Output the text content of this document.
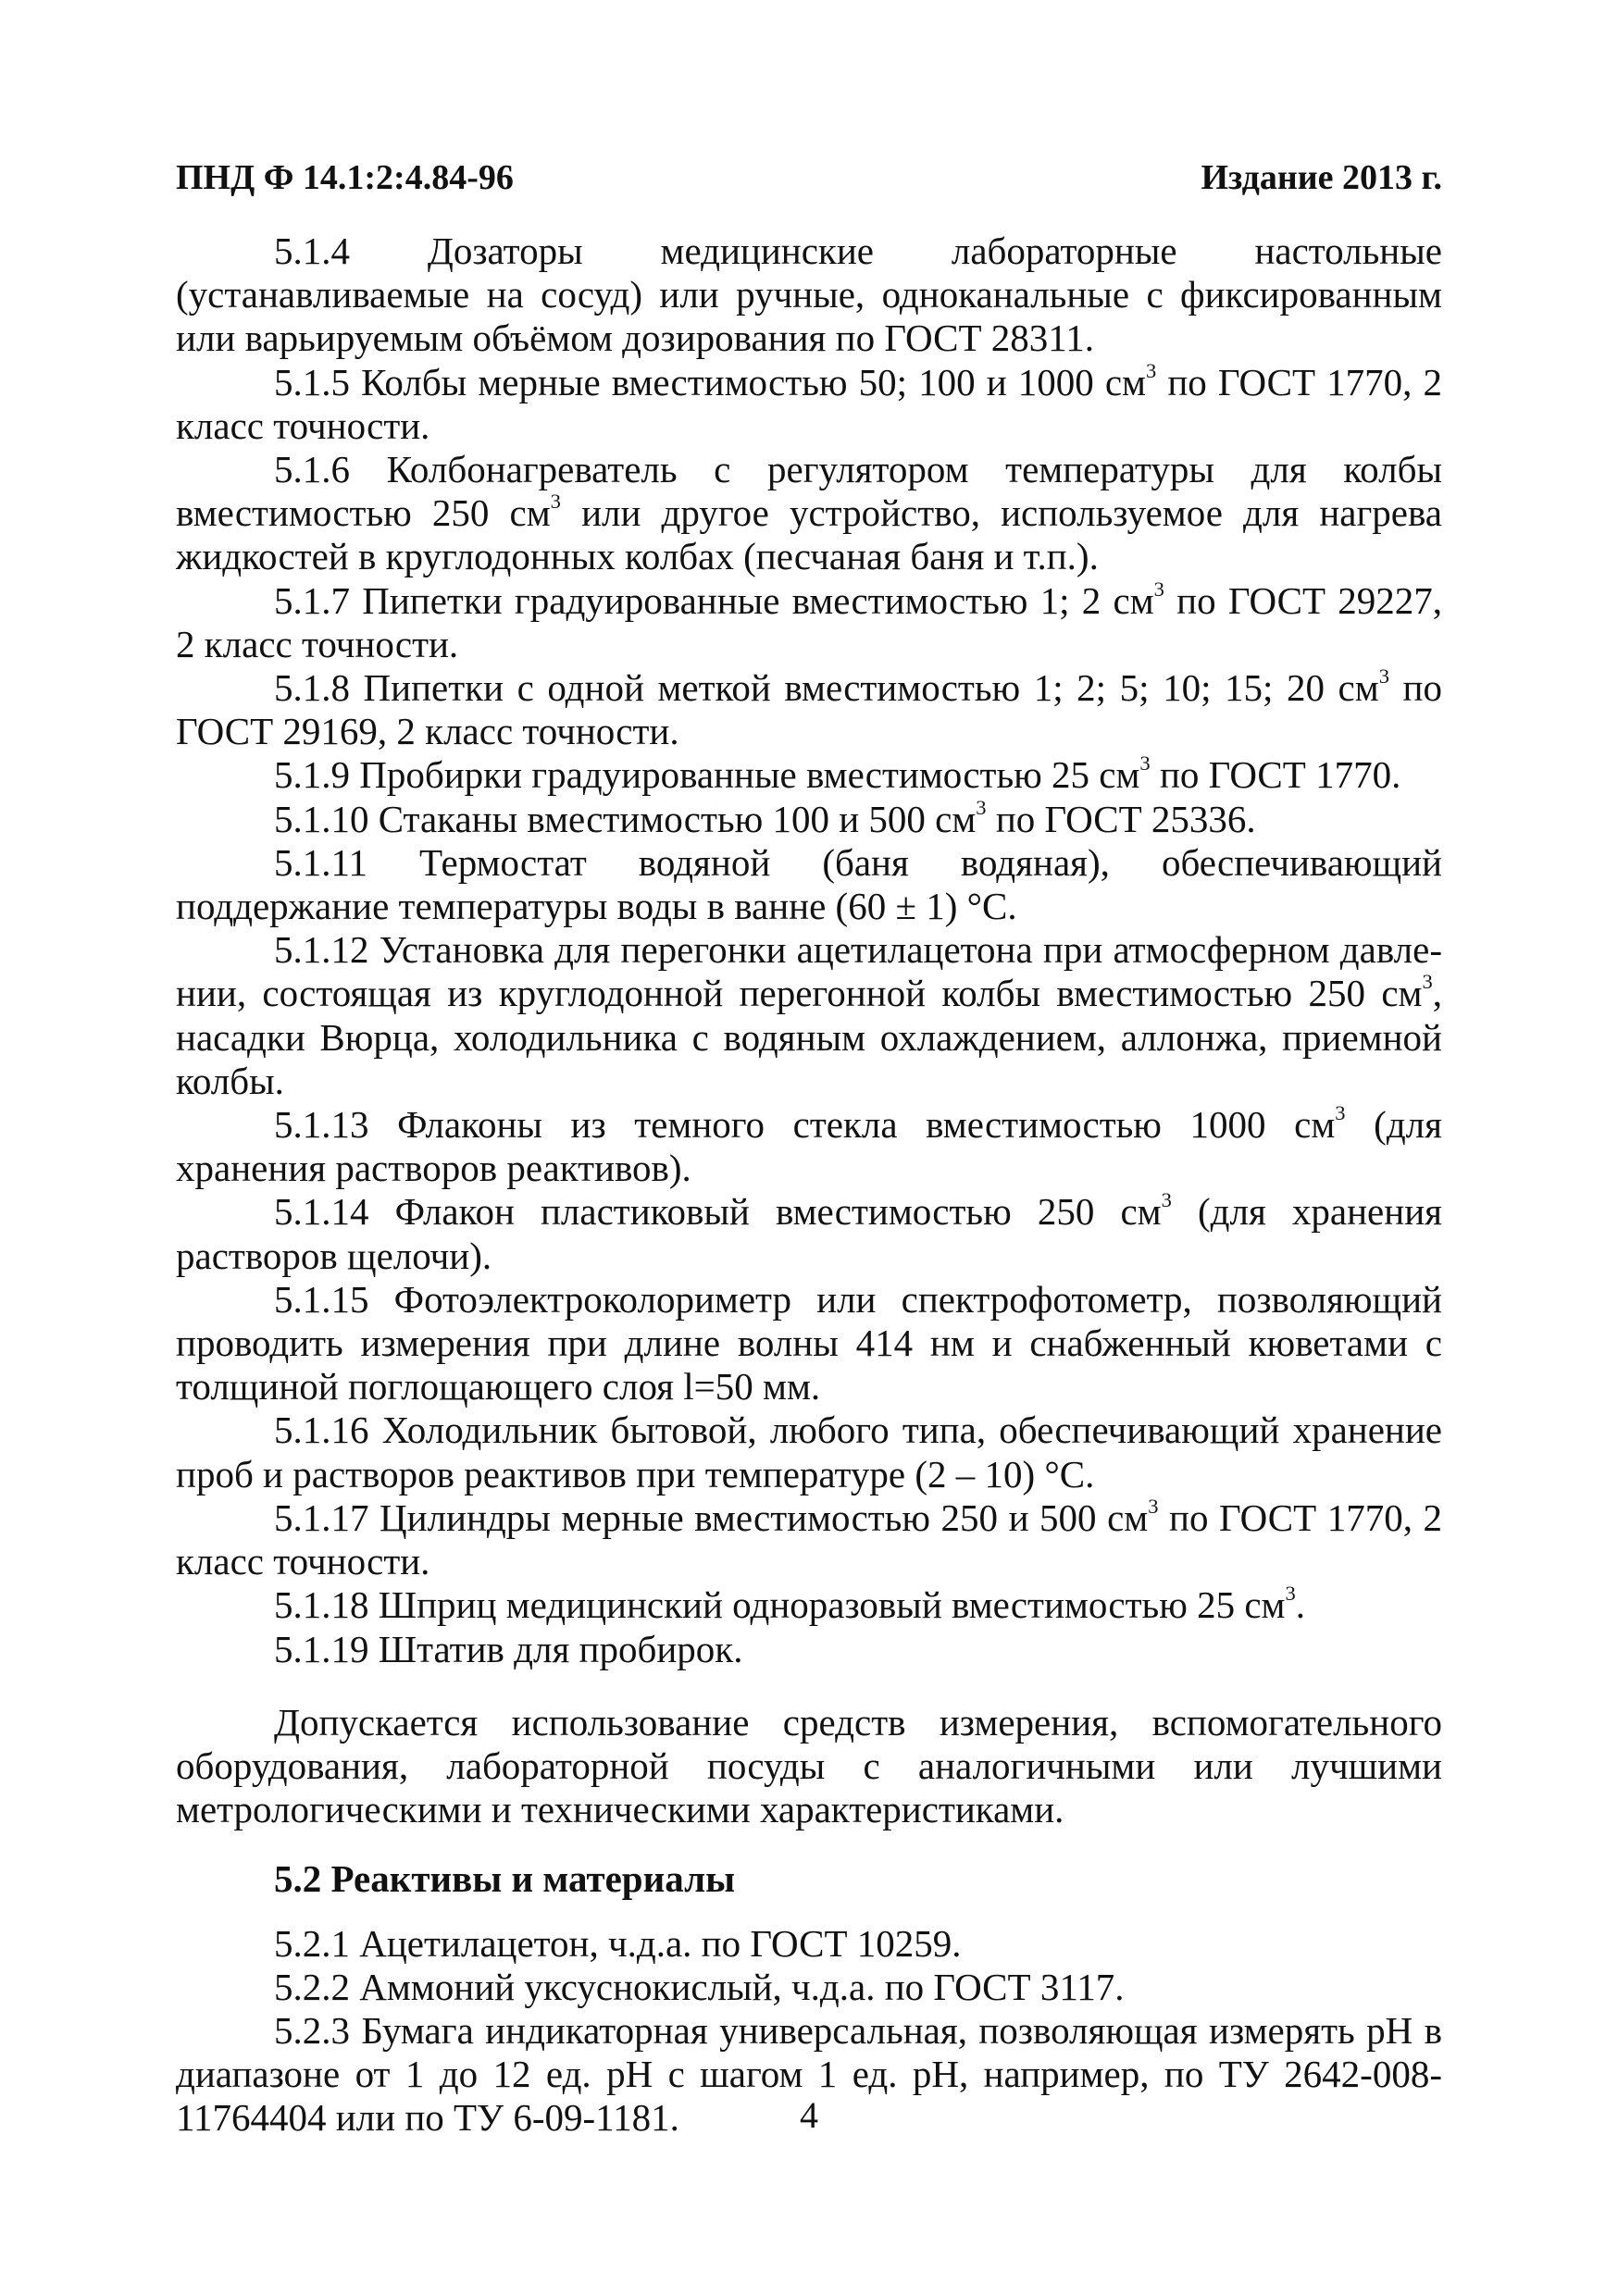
ПНД Ф 14.1:2:4.84-96	Издание 2013 г.

5.1.4 Дозаторы медицинские лабораторные настольные (устанавливаемые на сосуд) или ручные, одноканальные с фиксированным или варьируемым объёмом дозирования по ГОСТ 28311.

5.1.5 Колбы мерные вместимостью 50; 100 и 1000 $см^3$ по ГОСТ 1770, 2 класс точности.

5.1.6 Колбонагреватель с регулятором температуры для колбы вместимостью 250 $см^3$ или другое устройство, используемое для нагрева жидкостей в круглодонных колбах (песчаная баня и т.п.).

5.1.7 Пипетки градуированные вместимостью 1; 2 $см^3$ по ГОСТ 29227, 2 класс точности.

5.1.8 Пипетки с одной меткой вместимостью 1; 2; 5; 10; 15; 20 $см^3$ по ГОСТ 29169, 2 класс точности.

5.1.9 Пробирки градуированные вместимостью 25 $см^3$ по ГОСТ 1770.

5.1.10 Стаканы вместимостью 100 и 500 $см^3$ по ГОСТ 25336.

5.1.11 Термостат водяной (баня водяная), обеспечивающий поддержание температуры воды в ванне (60 ± 1) °С.

5.1.12 Установка для перегонки ацетилацетона при атмосферном давлении, состоящая из круглодонной перегонной колбы вместимостью 250 $см^3$, насадки Вюрца, холодильника с водяным охлаждением, аллонжа, приемной колбы.

5.1.13 Флаконы из темного стекла вместимостью 1000 $см^3$ (для хранения растворов реактивов).

5.1.14 Флакон пластиковый вместимостью 250 $см^3$ (для хранения растворов щелочи).

5.1.15 Фотоэлектроколориметр или спектрофотометр, позволяющий проводить измерения при длине волны 414 нм и снабженный кюветами с толщиной поглощающего слоя l=50 мм.

5.1.16 Холодильник бытовой, любого типа, обеспечивающий хранение проб и растворов реактивов при температуре (2 – 10) °С.

5.1.17 Цилиндры мерные вместимостью 250 и 500 $см^3$ по ГОСТ 1770, 2 класс точности.

5.1.18 Шприц медицинский одноразовый вместимостью 25 $см^3$.

5.1.19 Штатив для пробирок.

Допускается использование средств измерения, вспомогательного оборудования, лабораторной посуды с аналогичными или лучшими метрологическими и техническими характеристиками.

5.2 Реактивы и материалы

5.2.1 Ацетилацетон, ч.д.а. по ГОСТ 10259.

5.2.2 Аммоний уксуснокислый, ч.д.а. по ГОСТ 3117.

5.2.3 Бумага индикаторная универсальная, позволяющая измерять рН в диапазоне от 1 до 12 ед. рН с шагом 1 ед. рН, например, по ТУ 2642-008-11764404 или по ТУ 6-09-1181.	4
